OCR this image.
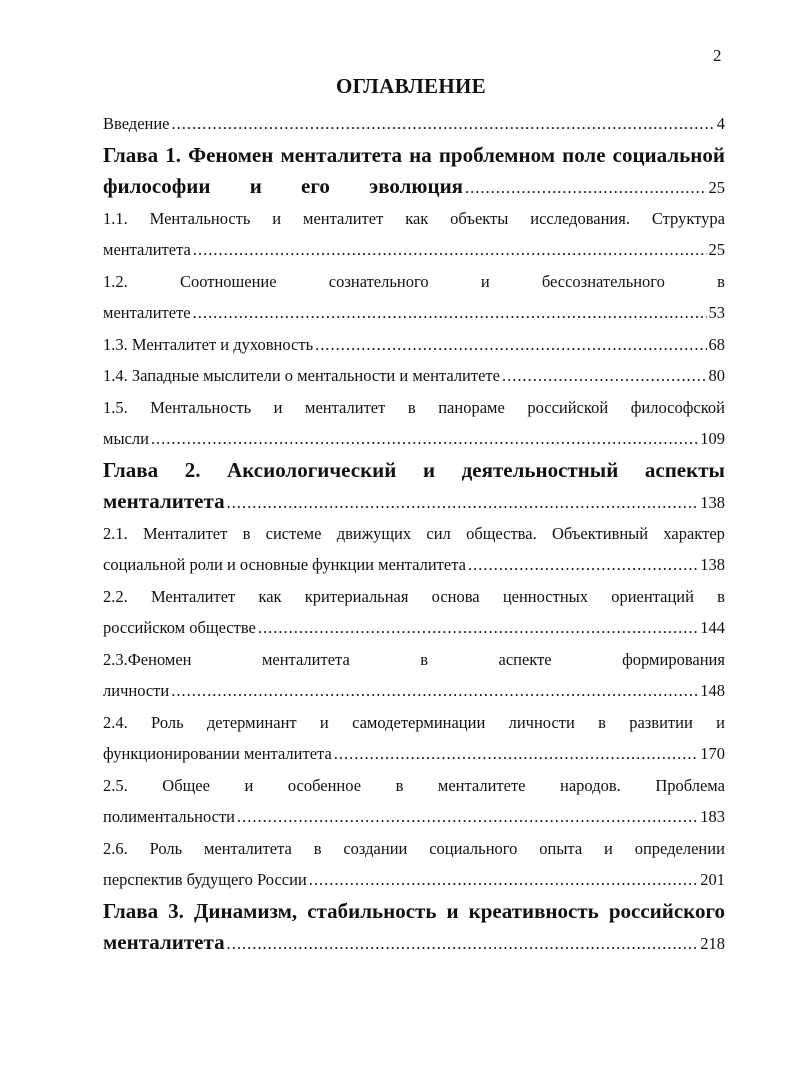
2
ОГЛАВЛЕНИЕ
Введение .....	4
Глава 1. Феномен менталитета на проблемном поле социальной
философии и его эволюция .....	25
1.1. Ментальность и менталитет как объекты исследования. Структура
менталитета .....	25
1.2.	Соотношение	сознательного	и	бессознательного	в
менталитете .....	53
1.3. Менталитет и духовность .....	68
1.4. Западные мыслители о ментальности и менталитете .....	80
1.5. Ментальность и менталитет в панораме российской философской
мысли .....	109
Глава 2. Аксиологический и деятельностный аспекты
менталитета .....	138
2.1. Менталитет в системе движущих сил общества. Объективный характер
социальной роли и основные функции менталитета .....	138
2.2. Менталитет как критериальная основа ценностных ориентаций в
российском обществе .....	144
2.3.Феномен	менталитета	в	аспекте	формирования
личности .....	148
2.4. Роль детерминант и самодетерминации личности в развитии и
функционировании менталитета .....	170
2.5. Общее и особенное в менталитете народов. Проблема
полиментальности .....	183
2.6. Роль менталитета в создании социального опыта и определении
перспектив будущего России .....	201
Глава 3. Динамизм, стабильность и креативность российского
менталитета .....	218
